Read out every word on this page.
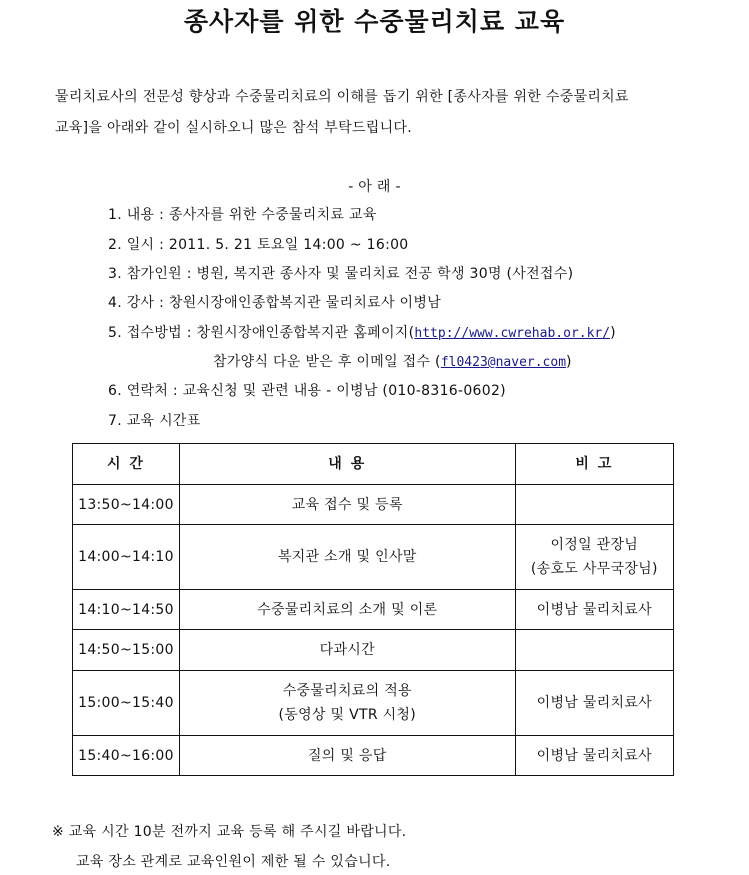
종사자를 위한 수중물리치료 교육
물리치료사의 전문성 향상과 수중물리치료의 이해를 돕기 위한 [종사자를 위한 수중물리치료
교육]을 아래와 같이 실시하오니 많은 참석 부탁드립니다.
- 아 래 -
1. 내용 : 종사자를 위한 수중물리치료 교육
2. 일시 : 2011. 5. 21 토요일 14:00 ~ 16:00
3. 참가인원 : 병원, 복지관 종사자 및 물리치료 전공 학생 30명 (사전접수)
4. 강사 : 창원시장애인종합복지관 물리치료사 이병남
5. 접수방법 : 창원시장애인종합복지관 홈페이지(http://www.cwrehab.or.kr/)
참가양식 다운 받은 후 이메일 접수 (fl0423@naver.com)
6. 연락처 : 교육신청 및 관련 내용 - 이병남 (010-8316-0602)
7. 교육 시간표
시 간	내 용	비 고
13:50~14:00	교육 접수 및 등록	
14:00~14:10	복지관 소개 및 인사말	이정일 관장님
(송호도 사무국장님)

14:10~14:50	수중물리치료의 소개 및 이론	이병남 물리치료사
14:50~15:00	다과시간	
15:00~15:40	수중물리치료의 적용
(동영상 및 VTR 시청)	이병남 물리치료사
15:40~16:00	질의 및 응답	이병남 물리치료사
※ 교육 시간 10분 전까지 교육 등록 해 주시길 바랍니다.
교육 장소 관계로 교육인원이 제한 될 수 있습니다.
